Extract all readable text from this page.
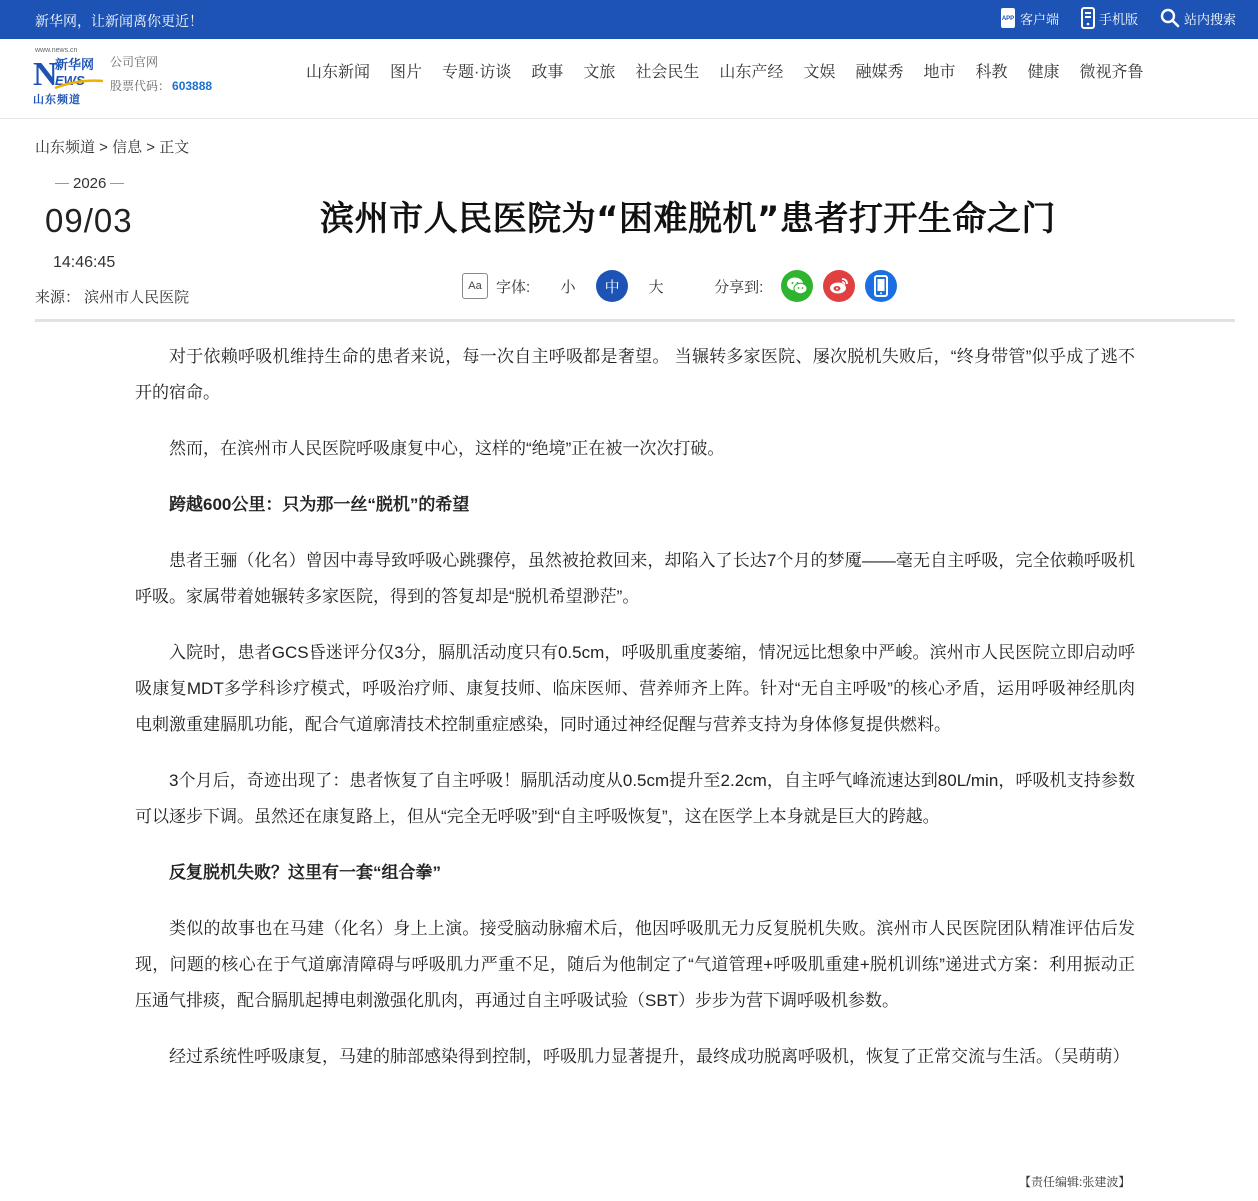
新华网，让新闻离你更近！	APP 客户端	手机版	站内搜索
www.news.cn
N
新华网
EWS
山东频道
公司官网
股票代码： 603888
山东新闻	图片	专题·访谈	政事	文旅	社会民生	山东产经	文娱	融媒秀	地市	科教	健康	微视齐鲁
山东频道 > 信息 > 正文
2026
09/03
14:46:45
来源： 滨州市人民医院
滨州市人民医院为“困难脱机”患者打开生命之门
Aa 字体:	小	中	大	分享到:

对于依赖呼吸机维持生命的患者来说，每一次自主呼吸都是奢望。 当辗转多家医院、屡次脱机失败后，“终身带管”似乎成了逃不开的宿命。

然而，在滨州市人民医院呼吸康复中心，这样的“绝境”正在被一次次打破。

跨越600公里：只为那一丝“脱机”的希望

患者王骊（化名）曾因中毒导致呼吸心跳骤停，虽然被抢救回来，却陷入了长达7个月的梦魇——毫无自主呼吸，完全依赖呼吸机呼吸。家属带着她辗转多家医院，得到的答复却是“脱机希望渺茫”。

入院时，患者GCS昏迷评分仅3分，膈肌活动度只有0.5cm，呼吸肌重度萎缩，情况远比想象中严峻。滨州市人民医院立即启动呼吸康复MDT多学科诊疗模式，呼吸治疗师、康复技师、临床医师、营养师齐上阵。针对“无自主呼吸”的核心矛盾，运用呼吸神经肌肉电刺激重建膈肌功能，配合气道廓清技术控制重症感染，同时通过神经促醒与营养支持为身体修复提供燃料。

3个月后，奇迹出现了：患者恢复了自主呼吸！膈肌活动度从0.5cm提升至2.2cm，自主呼气峰流速达到80L/min，呼吸机支持参数可以逐步下调。虽然还在康复路上，但从“完全无呼吸”到“自主呼吸恢复”，这在医学上本身就是巨大的跨越。

反复脱机失败？这里有一套“组合拳”

类似的故事也在马建（化名）身上上演。接受脑动脉瘤术后，他因呼吸肌无力反复脱机失败。滨州市人民医院团队精准评估后发现，问题的核心在于气道廓清障碍与呼吸肌力严重不足，随后为他制定了“气道管理+呼吸肌重建+脱机训练”递进式方案：利用振动正压通气排痰，配合膈肌起搏电刺激强化肌肉，再通过自主呼吸试验（SBT）步步为营下调呼吸机参数。

经过系统性呼吸康复，马建的肺部感染得到控制，呼吸肌力显著提升，最终成功脱离呼吸机，恢复了正常交流与生活。（吴萌萌）

【责任编辑:张建波】
